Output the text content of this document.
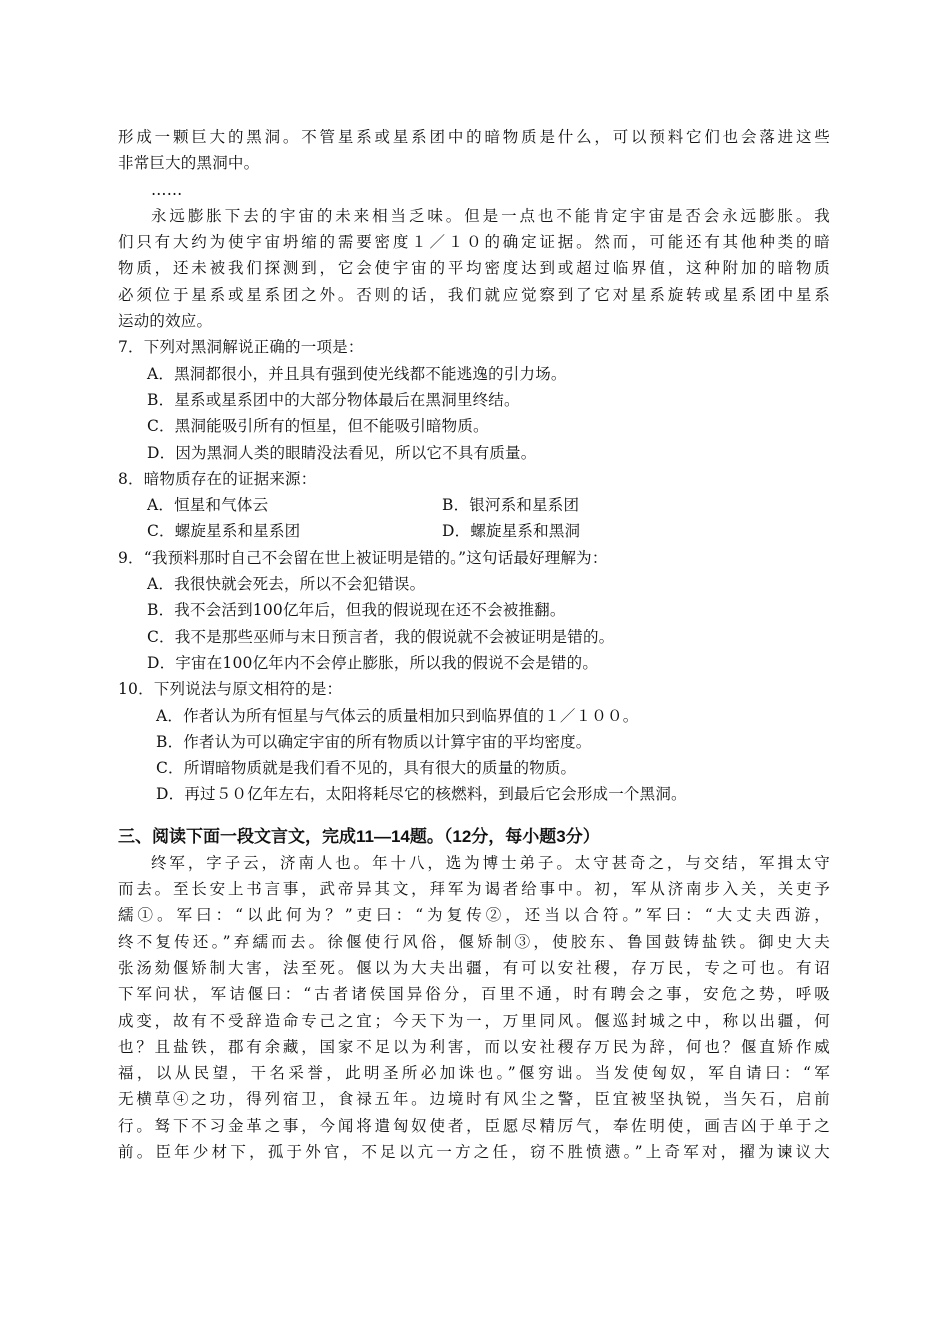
形成一颗巨大的黑洞。不管星系或星系团中的暗物质是什么，可以预料它们也会落进这些
非常巨大的黑洞中。
……
永远膨胀下去的宇宙的未来相当乏味。但是一点也不能肯定宇宙是否会永远膨胀。我
们只有大约为使宇宙坍缩的需要密度１／１０的确定证据。然而，可能还有其他种类的暗
物质，还未被我们探测到，它会使宇宙的平均密度达到或超过临界值，这种附加的暗物质
必须位于星系或星系团之外。否则的话，我们就应觉察到了它对星系旋转或星系团中星系
运动的效应。
7．下列对黑洞解说正确的一项是：
A．黑洞都很小，并且具有强到使光线都不能逃逸的引力场。
B．星系或星系团中的大部分物体最后在黑洞里终结。
C．黑洞能吸引所有的恒星，但不能吸引暗物质。
D．因为黑洞人类的眼睛没法看见，所以它不具有质量。
8．暗物质存在的证据来源：
A．恒星和气体云	B．银河系和星系团
C．螺旋星系和星系团	D．螺旋星系和黑洞
9．“我预料那时自己不会留在世上被证明是错的。”这句话最好理解为：
A．我很快就会死去，所以不会犯错误。
B．我不会活到100亿年后，但我的假说现在还不会被推翻。
C．我不是那些巫师与末日预言者，我的假说就不会被证明是错的。
D．宇宙在100亿年内不会停止膨胀，所以我的假说不会是错的。
10．下列说法与原文相符的是：
A．作者认为所有恒星与气体云的质量相加只到临界值的１／１００。
B．作者认为可以确定宇宙的所有物质以计算宇宙的平均密度。
C．所谓暗物质就是我们看不见的，具有很大的质量的物质。
D．再过５０亿年左右，太阳将耗尽它的核燃料，到最后它会形成一个黑洞。
三、阅读下面一段文言文，完成11—14题。（12分，每小题3分）
终军，字子云，济南人也。年十八，选为博士弟子。太守甚奇之，与交结，军揖太守
而去。至长安上书言事，武帝异其文，拜军为谒者给事中。初，军从济南步入关，关吏予
繻①。军曰：“以此何为？”吏曰：“为复传②，还当以合符。”军曰：“大丈夫西游，
终不复传还。”弃繻而去。徐偃使行风俗，偃矫制③，使胶东、鲁国鼓铸盐铁。御史大夫
张汤劾偃矫制大害，法至死。偃以为大夫出疆，有可以安社稷，存万民，专之可也。有诏
下军问状，军诘偃曰：“古者诸侯国异俗分，百里不通，时有聘会之事，安危之势，呼吸
成变，故有不受辞造命专己之宜；今天下为一，万里同风。偃巡封城之中，称以出疆，何
也？且盐铁，郡有余藏，国家不足以为利害，而以安社稷存万民为辞，何也？偃直矫作威
福，以从民望，干名采誉，此明圣所必加诛也。”偃穷诎。当发使匈奴，军自请曰：“军
无横草④之功，得列宿卫，食禄五年。边境时有风尘之警，臣宜被坚执锐，当矢石，启前
行。驽下不习金革之事，今闻将遣匈奴使者，臣愿尽精厉气，奉佐明使，画吉凶于单于之
前。臣年少材下，孤于外官，不足以亢一方之任，窃不胜愤懑。”上奇军对，擢为谏议大
